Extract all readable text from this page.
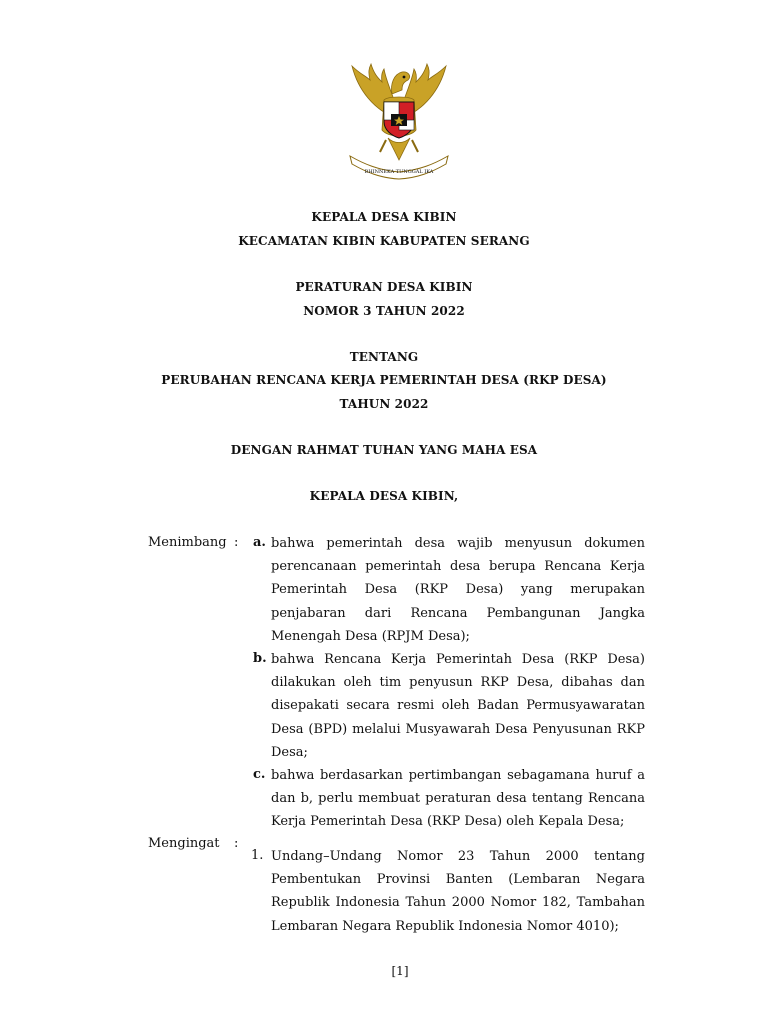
BHINNEKA TUNGGAL IKA
KEPALA DESA KIBIN
KECAMATAN KIBIN KABUPATEN SERANG
PERATURAN DESA KIBIN
NOMOR 3 TAHUN 2022
TENTANG
PERUBAHAN RENCANA KERJA PEMERINTAH DESA (RKP DESA)
TAHUN 2022
DENGAN RAHMAT TUHAN YANG MAHA ESA
KEPALA DESA KIBIN,
Menimbang : a. bahwa pemerintah desa wajib menyusun dokumen perencanaan pemerintah desa berupa Rencana Kerja Pemerintah Desa (RKP Desa) yang merupakan penjabaran dari Rencana Pembangunan Jangka Menengah Desa (RPJM Desa);
b. bahwa Rencana Kerja Pemerintah Desa (RKP Desa) dilakukan oleh tim penyusun RKP Desa, dibahas dan disepakati secara resmi oleh Badan Permusyawaratan Desa (BPD) melalui Musyawarah Desa Penyusunan RKP Desa;
c. bahwa berdasarkan pertimbangan sebagamana huruf a dan b, perlu membuat peraturan desa tentang Rencana Kerja Pemerintah Desa (RKP Desa) oleh Kepala Desa;
Mengingat :
1. Undang–Undang Nomor 23 Tahun 2000 tentang Pembentukan Provinsi Banten (Lembaran Negara Republik Indonesia Tahun 2000 Nomor 182, Tambahan Lembaran Negara Republik Indonesia Nomor 4010);
[1]
